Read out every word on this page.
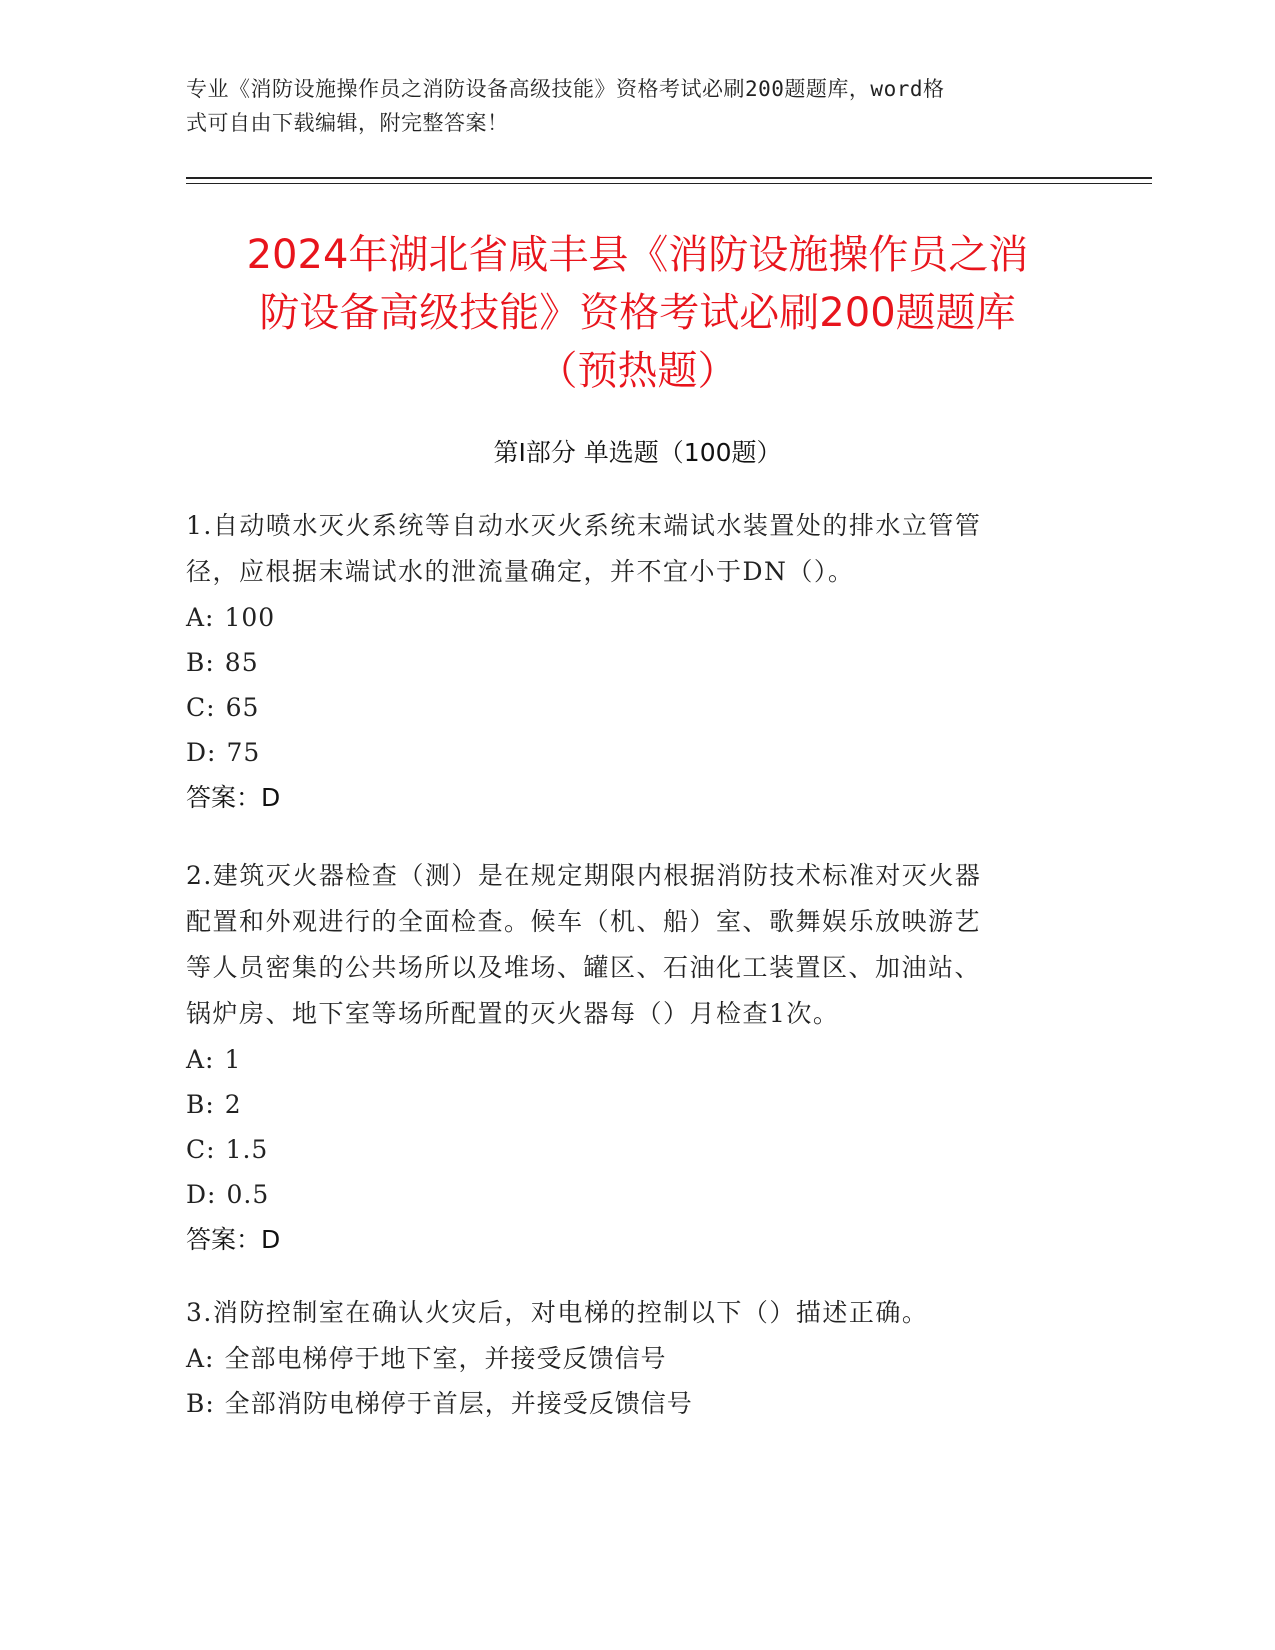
专业《消防设施操作员之消防设备高级技能》资格考试必刷200题题库，word格
式可自由下载编辑，附完整答案！
2024年湖北省咸丰县《消防设施操作员之消
防设备高级技能》资格考试必刷200题题库
（预热题）
第Ⅰ部分 单选题（100题）
1.自动喷水灭火系统等自动水灭火系统末端试水装置处的排水立管管
径，应根据末端试水的泄流量确定，并不宜小于DN（）。
A: 100
B: 85
C: 65
D: 75
答案：D
2.建筑灭火器检查（测）是在规定期限内根据消防技术标准对灭火器
配置和外观进行的全面检查。候车（机、船）室、歌舞娱乐放映游艺
等人员密集的公共场所以及堆场、罐区、石油化工装置区、加油站、
锅炉房、地下室等场所配置的灭火器每（）月检查1次。
A: 1
B: 2
C: 1.5
D: 0.5
答案：D
3.消防控制室在确认火灾后，对电梯的控制以下（）描述正确。
A: 全部电梯停于地下室，并接受反馈信号
B: 全部消防电梯停于首层，并接受反馈信号
